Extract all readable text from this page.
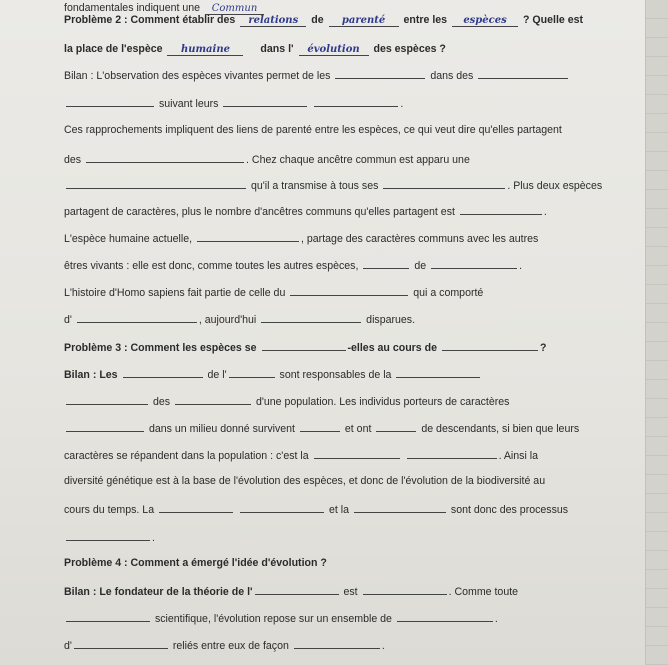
fondamentales indiquent une Commun
Problème 2 : Comment établir des relations de parenté entre les espèces ? Quelle est
la place de l'espèce humaine	dans l' évolution des espèces ?
Bilan : L'observation des espèces vivantes permet de les	dans des
suivant leurs	.
Ces rapprochements impliquent des liens de parenté entre les espèces, ce qui veut dire qu'elles partagent
des	. Chez chaque ancêtre commun est apparu une
qu'il a transmise à tous ses	. Plus deux espèces
partagent de caractères, plus le nombre d'ancêtres communs qu'elles partagent est	.
L'espèce humaine actuelle,	, partage des caractères communs avec les autres
êtres vivants : elle est donc, comme toutes les autres espèces,	de	.
L'histoire d'Homo sapiens fait partie de celle du	qui a comporté
d'	, aujourd'hui	disparues.
Problème 3 : Comment les espèces se	-elles au cours de	?
Bilan : Les	de l'	sont responsables de la
des	d'une population. Les individus porteurs de caractères
dans un milieu donné survivent	et ont	de descendants, si bien que leurs
caractères se répandent dans la population : c'est la	. Ainsi la
diversité génétique est à la base de l'évolution des espèces, et donc de l'évolution de la biodiversité au
cours du temps. La	et la	sont donc des processus
.
Problème 4 : Comment a émergé l'idée d'évolution ?
Bilan : Le fondateur de la théorie de l'	est	. Comme toute
scientifique, l'évolution repose sur un ensemble de	.
d'	reliés entre eux de façon	.
